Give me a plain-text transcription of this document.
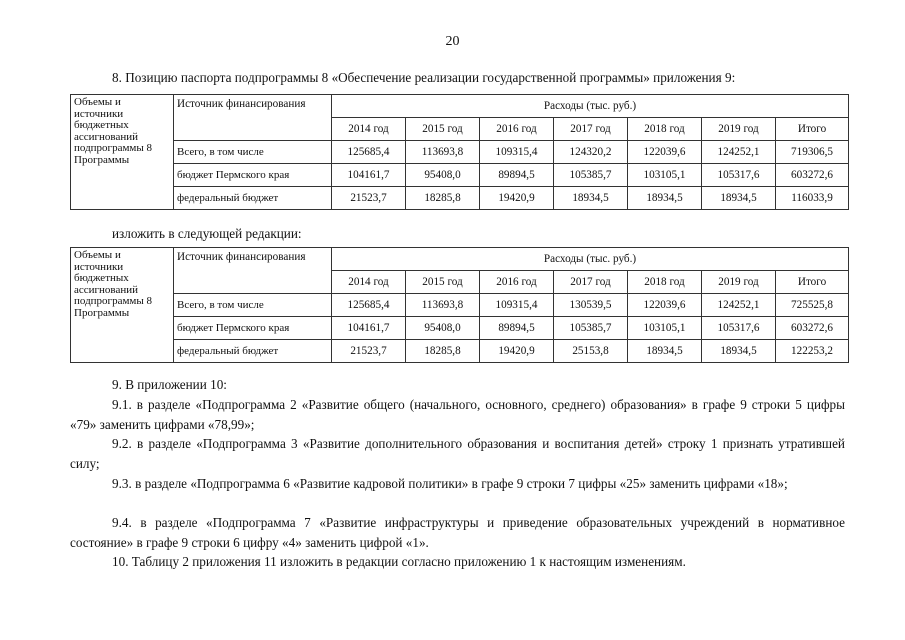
20
8. Позицию паспорта подпрограммы 8 «Обеспечение реализации государственной программы» приложения 9:
Объемы и источники бюджетных ассигнований подпрограммы 8 Программы	Источник финансирования	Расходы (тыс. руб.)						
		2014 год	2015 год	2016 год	2017 год	2018 год	2019 год	Итого
	Всего, в том числе	125685,4	113693,8	109315,4	124320,2	122039,6	124252,1	719306,5
	бюджет Пермского края	104161,7	95408,0	89894,5	105385,7	103105,1	105317,6	603272,6
	федеральный бюджет	21523,7	18285,8	19420,9	18934,5	18934,5	18934,5	116033,9
изложить в следующей редакции:
Объемы и источники бюджетных ассигнований подпрограммы 8 Программы	Источник финансирования	Расходы (тыс. руб.)						
		2014 год	2015 год	2016 год	2017 год	2018 год	2019 год	Итого
	Всего, в том числе	125685,4	113693,8	109315,4	130539,5	122039,6	124252,1	725525,8
	бюджет Пермского края	104161,7	95408,0	89894,5	105385,7	103105,1	105317,6	603272,6
	федеральный бюджет	21523,7	18285,8	19420,9	25153,8	18934,5	18934,5	122253,2
9. В приложении 10:
9.1. в разделе «Подпрограмма 2 «Развитие общего (начального, основного, среднего) образования» в графе 9 строки 5 цифры «79» заменить цифрами «78,99»;
9.2. в разделе «Подпрограмма 3 «Развитие дополнительного образования и воспитания детей» строку 1 признать утратившей силу;
9.3. в разделе «Подпрограмма 6 «Развитие кадровой политики» в графе 9 строки 7 цифры «25» заменить цифрами «18»;
9.4. в разделе «Подпрограмма 7 «Развитие инфраструктуры и приведение образовательных учреждений в нормативное состояние» в графе 9 строки 6 цифру «4» заменить цифрой «1».
10. Таблицу 2 приложения 11 изложить в редакции согласно приложению 1 к настоящим изменениям.
